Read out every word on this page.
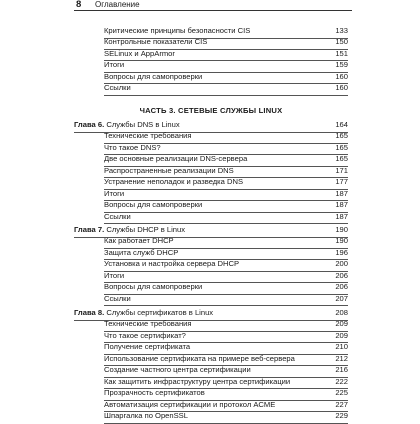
8 Оглавление
ЧАСТЬ 3. СЕТЕВЫЕ СЛУЖБЫ LINUX
Критические принципы безопасности CIS	133
Контрольные показатели CIS	150
SELinux и AppArmor	151
Итоги	159
Вопросы для самопроверки	160
Ссылки	160
Глава 6. Службы DNS в Linux	164
Технические требования	165
Что такое DNS?	165
Две основные реализации DNS-сервера	165
Распространенные реализации DNS	171
Устранение неполадок и разведка DNS	177
Итоги	187
Вопросы для самопроверки	187
Ссылки	187
Глава 7. Службы DHCP в Linux	190
Как работает DHCP	190
Защита служб DHCP	196
Установка и настройка сервера DHCP	200
Итоги	206
Вопросы для самопроверки	206
Ссылки	207
Глава 8. Службы сертификатов в Linux	208
Технические требования	209
Что такое сертификат?	209
Получение сертификата	210
Использование сертификата на примере веб-сервера	212
Создание частного центра сертификации	216
Как защитить инфраструктуру центра сертификации	222
Прозрачность сертификатов	225
Автоматизация сертификации и протокол ACME	227
Шпаргалка по OpenSSL	229
